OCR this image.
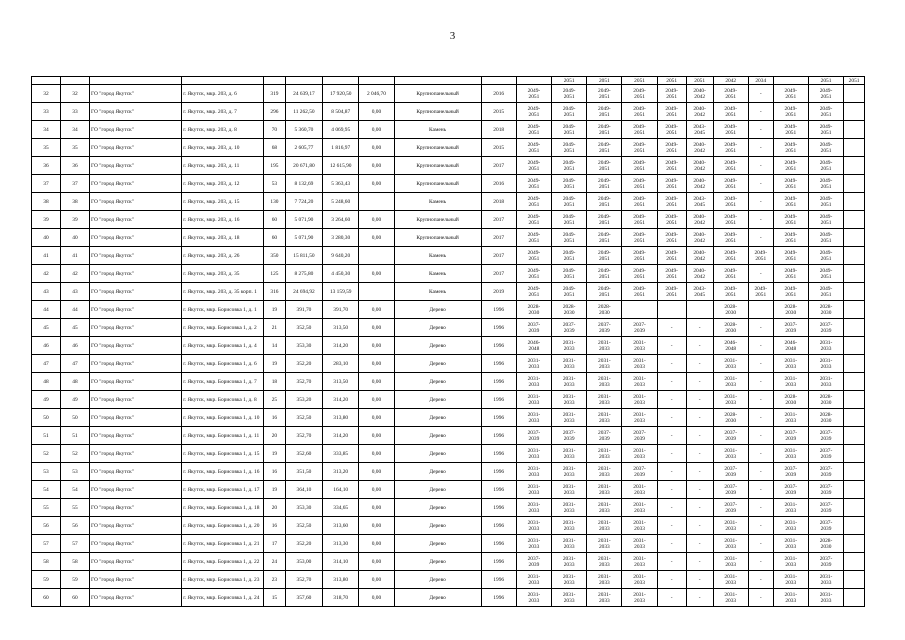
3
											2051	2051	2051	2051	2051	2042	2034		2051	2051
32	32	ГО "город Якутск"	г. Якутск, мкр. 203, д. 6	319	24 639,17	17 920,50	2 046,70	Крупнопанельный	2016	2049-
2051	2049-
2051	2049-
2051	2049-
2051	2049-
2051	2040-
2042	2049-
2051	-	2049-
2051	2049-
2051	
33	33	ГО "город Якутск"	г. Якутск, мкр. 203, д. 7	296	11 262,50	8 504,87	0,00	Крупнопанельный	2015	2049-
2051	2049-
2051	2049-
2051	2049-
2051	2049-
2051	2040-
2042	2049-
2051	-	2049-
2051	2049-
2051	
34	34	ГО "город Якутск"	г. Якутск, мкр. 203, д. 8	70	5 360,70	4 069,95	0,00	Камень	2018	2049-
2051	2049-
2051	2049-
2051	2049-
2051	2049-
2051	2043-
2045	2049-
2051	-	2049-
2051	2049-
2051	
35	35	ГО "город Якутск"	г. Якутск, мкр. 203, д. 10	68	2 605,77	1 816,97	0,00	Крупнопанельный	2015	2049-
2051	2049-
2051	2049-
2051	2049-
2051	2049-
2051	2040-
2042	2049-
2051	-	2049-
2051	2049-
2051	
36	36	ГО "город Якутск"	г. Якутск, мкр. 203, д. 11	195	20 671,80	12 615,90	0,00	Крупнопанельный	2017	2049-
2051	2049-
2051	2049-
2051	2049-
2051	2049-
2051	2040-
2042	2049-
2051	-	2049-
2051	2049-
2051	
37	37	ГО "город Якутск"	г. Якутск, мкр. 203, д. 12	53	8 132,69	5 363,43	0,00	Крупнопанельный	2016	2049-
2051	2049-
2051	2049-
2051	2049-
2051	2049-
2051	2040-
2042	2049-
2051	-	2049-
2051	2049-
2051	
38	38	ГО "город Якутск"	г. Якутск, мкр. 203, д. 15	130	7 724,20	5 248,60		Камень	2018	2049-
2051	2049-
2051	2049-
2051	2049-
2051	2049-
2051	2043-
2045	2049-
2051	-	2049-
2051	2049-
2051	
39	39	ГО "город Якутск"	г. Якутск, мкр. 203, д. 16	60	5 071,90	3 264,60	0,00	Крупнопанельный	2017	2049-
2051	2049-
2051	2049-
2051	2049-
2051	2049-
2051	2040-
2042	2049-
2051	-	2049-
2051	2049-
2051	
40	40	ГО "город Якутск"	г. Якутск, мкр. 203, д. 18	60	5 071,90	3 280,30	0,00	Крупнопанельный	2017	2049-
2051	2049-
2051	2049-
2051	2049-
2051	2049-
2051	2040-
2042	2049-
2051	-	2049-
2051	2049-
2051	
41	41	ГО "город Якутск"	г. Якутск, мкр. 203, д. 26	350	15 811,50	9 640,20		Камень	2017	2049-
2051	2049-
2051	2049-
2051	2049-
2051	2049-
2051	2040-
2042	2049-
2051	2049-
2051	2049-
2051	2049-
2051	
42	42	ГО "город Якутск"	г. Якутск, мкр. 203, д. 35	125	8 275,80	4 450,30	0,00	Камень	2017	2049-
2051	2049-
2051	2049-
2051	2049-
2051	2049-
2051	2040-
2042	2049-
2051	-	2049-
2051	2049-
2051	
43	43	ГО "город Якутск"	г. Якутск, мкр. 203, д. 35 корп. 1	316	24 694,92	13 159,59		Камень	2019	2049-
2051	2049-
2051	2049-
2051	2049-
2051	2049-
2051	2043-
2045	2049-
2051	2049-
2051	2049-
2051	2049-
2051	
44	44	ГО "город Якутск"	г. Якутск, мкр. Борисовка 1, д. 1	19	391,70	391,70	0,00	Дерево	1996	2028-
2030	2028-
2030	2028-
2030				2028-
2030		2028-
2030	2028-
2030	
45	45	ГО "город Якутск"	г. Якутск, мкр. Борисовка 1, д. 2	21	352,50	313,50	0,00	Дерево	1996	2037-
2039	2037-
2039	2037-
2039	2037-
2039	-	-	2028-
2030	-	2037-
2039	2037-
2039	
46	46	ГО "город Якутск"	г. Якутск, мкр. Борисовка 1, д. 4	14	353,30	314,20	0,00	Дерево	1996	2046-
2048	2031-
2033	2031-
2033	2031-
2033	-	-	2046-
2048	-	2046-
2048	2031-
2033	
47	47	ГО "город Якутск"	г. Якутск, мкр. Борисовка 1, д. 6	19	352,20	283,10	0,00	Дерево	1996	2031-
2033	2031-
2033	2031-
2033	2031-
2033	-	-	2031-
2033	-	2031-
2033	2031-
2033	
48	48	ГО "город Якутск"	г. Якутск, мкр. Борисовка 1, д. 7	18	352,70	313,50	0,00	Дерево	1996	2031-
2033	2031-
2033	2031-
2033	2031-
2033	-	-	2031-
2033	-	2031-
2033	2031-
2033	
49	49	ГО "город Якутск"	г. Якутск, мкр. Борисовка 1, д. 8	25	353,20	314,20	0,00	Дерево	1996	2031-
2033	2031-
2033	2031-
2033	2031-
2033	-	-	2031-
2033	-	2028-
2030	2028-
2030	
50	50	ГО "город Якутск"	г. Якутск, мкр. Борисовка 1, д. 10	16	352,50	313,80	0,00	Дерево	1996	2031-
2033	2031-
2033	2031-
2033	2031-
2033	-	-	2028-
2030	-	2031-
2033	2028-
2030	
51	51	ГО "город Якутск"	г. Якутск, мкр. Борисовка 1, д. 11	20	352,70	314,20	0,00	Дерево	1996	2037-
2039	2037-
2039	2037-
2039	2037-
2039	-	-	2037-
2039	-	2037-
2039	2037-
2039	
52	52	ГО "город Якутск"	г. Якутск, мкр. Борисовка 1, д. 15	19	352,60	333,85	0,00	Дерево	1996	2031-
2033	2031-
2033	2031-
2033	2031-
2033	-	-	2031-
2033	-	2031-
2033	2037-
2039	
53	53	ГО "город Якутск"	г. Якутск, мкр. Борисовка 1, д. 16	16	351,50	313,20	0,00	Дерево	1996	2031-
2033	2031-
2033	2031-
2033	2037-
2039	-	-	2037-
2039	-	2037-
2039	2037-
2039	
54	54	ГО "город Якутск"	г. Якутск, мкр. Борисовка 1, д. 17	19	364,10	164,10	0,00	Дерево	1996	2031-
2033	2031-
2033	2031-
2033	2031-
2033	-	-	2037-
2039	-	2037-
2039	2037-
2039	
55	55	ГО "город Якутск"	г. Якутск, мкр. Борисовка 1, д. 18	20	353,30	334,65	0,00	Дерево	1996	2031-
2033	2031-
2033	2031-
2033	2031-
2033	-	-	2037-
2039	-	2031-
2033	2037-
2039	
56	56	ГО "город Якутск"	г. Якутск, мкр. Борисовка 1, д. 20	16	352,50	313,60	0,00	Дерево	1996	2031-
2033	2031-
2033	2031-
2033	2031-
2033	-	-	2031-
2033	-	2031-
2033	2037-
2039	
57	57	ГО "город Якутск"	г. Якутск, мкр. Борисовка 1, д. 21	17	352,20	313,30	0,00	Дерево	1996	2031-
2033	2031-
2033	2031-
2033	2031-
2033	-	-	2031-
2033	-	2031-
2033	2028-
2030	
58	58	ГО "город Якутск"	г. Якутск, мкр. Борисовка 1, д. 22	24	353,00	314,10	0,00	Дерево	1996	2037-
2039	2031-
2033	2031-
2033	2031-
2033	-	-	2031-
2033	-	2031-
2033	2037-
2039	
59	59	ГО "город Якутск"	г. Якутск, мкр. Борисовка 1, д. 23	23	352,70	313,80	0,00	Дерево	1996	2031-
2033	2031-
2033	2031-
2033	2031-
2033	-	-	2031-
2033	-	2031-
2033	2031-
2033	
60	60	ГО "город Якутск"	г. Якутск, мкр. Борисовка 1, д. 24	15	357,60	318,70	0,00	Дерево	1996	2031-
2033	2031-
2033	2031-
2033	2031-
2033	-	-	2031-
2033	-	2031-
2033	2031-
2033	
